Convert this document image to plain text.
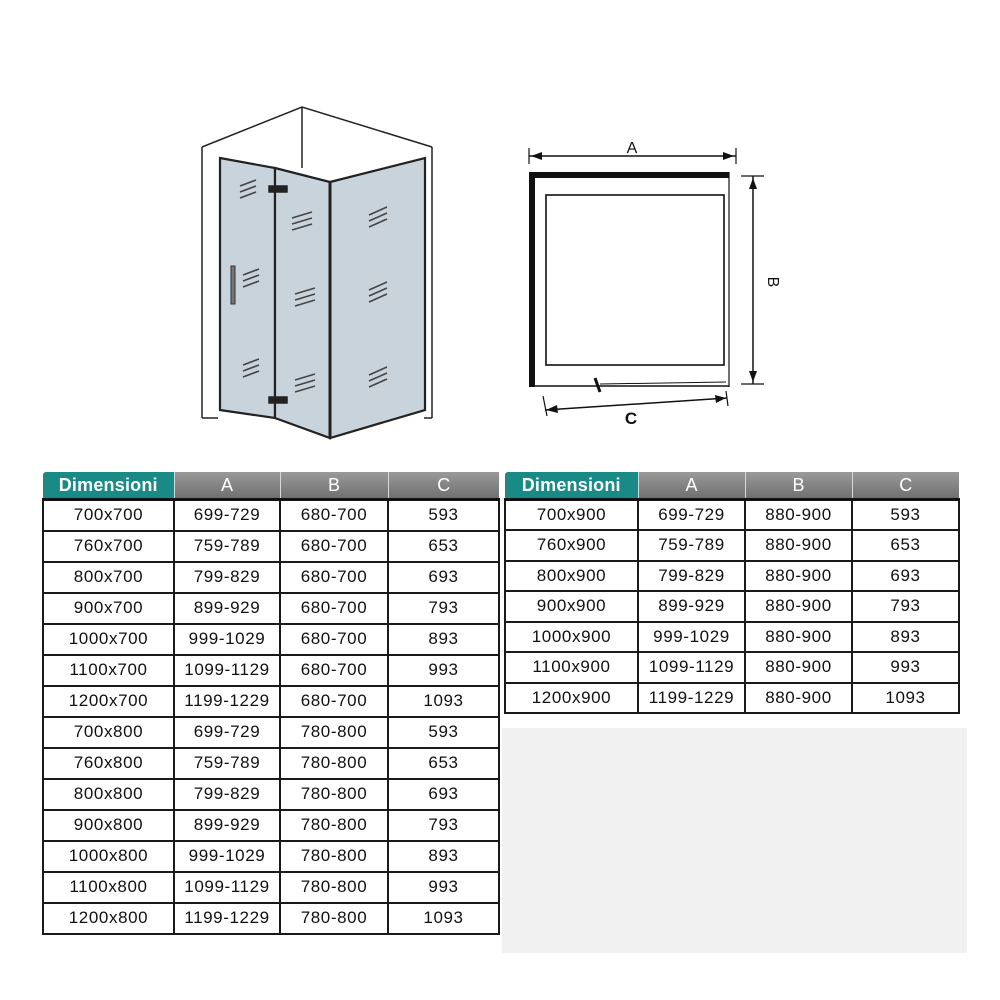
A
B
C
Dimensioni	A	B	C
700x700	699-729	680-700	593
760x700	759-789	680-700	653
800x700	799-829	680-700	693
900x700	899-929	680-700	793
1000x700	999-1029	680-700	893
1100x700	1099-1129	680-700	993
1200x700	1199-1229	680-700	1093
700x800	699-729	780-800	593
760x800	759-789	780-800	653
800x800	799-829	780-800	693
900x800	899-929	780-800	793
1000x800	999-1029	780-800	893
1100x800	1099-1129	780-800	993
1200x800	1199-1229	780-800	1093
Dimensioni	A	B	C
700x900	699-729	880-900	593
760x900	759-789	880-900	653
800x900	799-829	880-900	693
900x900	899-929	880-900	793
1000x900	999-1029	880-900	893
1100x900	1099-1129	880-900	993
1200x900	1199-1229	880-900	1093
